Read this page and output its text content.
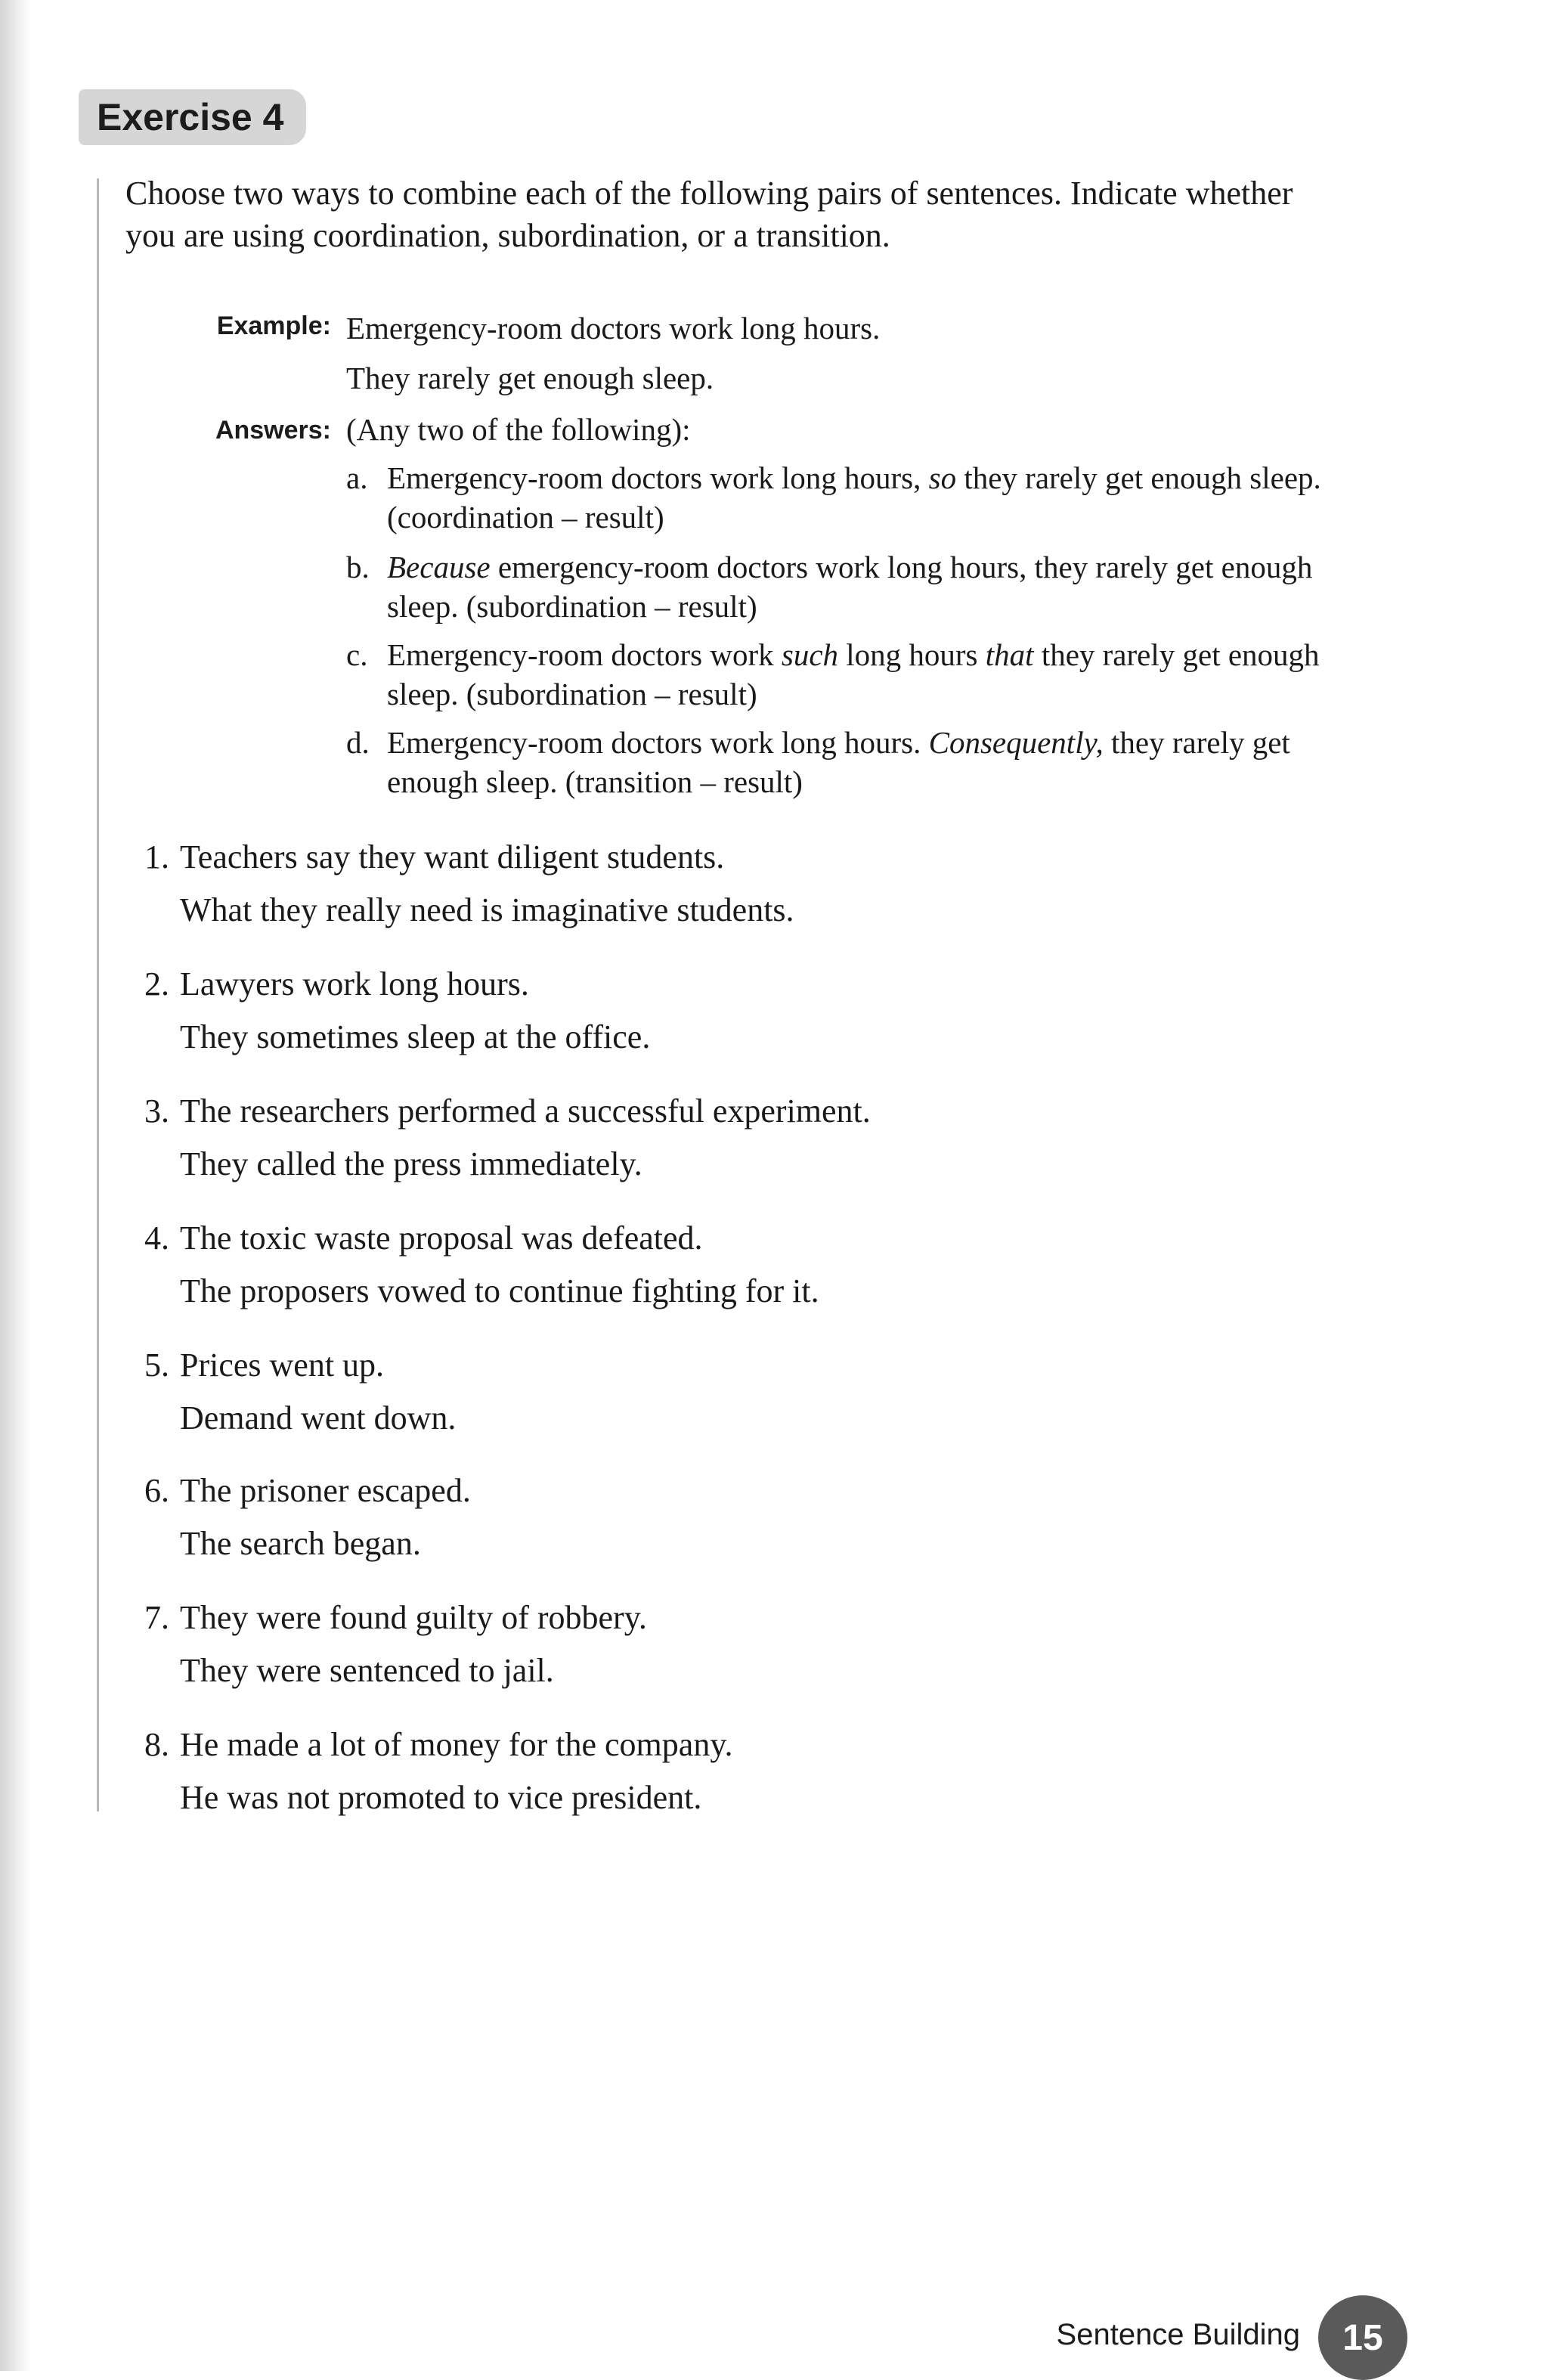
Exercise 4
Choose two ways to combine each of the following pairs of sentences. Indicate whether you are using coordination, subordination, or a transition.
Example: Emergency-room doctors work long hours.
They rarely get enough sleep.
Answers: (Any two of the following):
a. Emergency-room doctors work long hours, so they rarely get enough sleep. (coordination – result)
b. Because emergency-room doctors work long hours, they rarely get enough sleep. (subordination – result)
c. Emergency-room doctors work such long hours that they rarely get enough sleep. (subordination – result)
d. Emergency-room doctors work long hours. Consequently, they rarely get enough sleep. (transition – result)
1. Teachers say they want diligent students.
What they really need is imaginative students.
2. Lawyers work long hours.
They sometimes sleep at the office.
3. The researchers performed a successful experiment.
They called the press immediately.
4. The toxic waste proposal was defeated.
The proposers vowed to continue fighting for it.
5. Prices went up.
Demand went down.
6. The prisoner escaped.
The search began.
7. They were found guilty of robbery.
They were sentenced to jail.
8. He made a lot of money for the company.
He was not promoted to vice president.
Sentence Building	15
